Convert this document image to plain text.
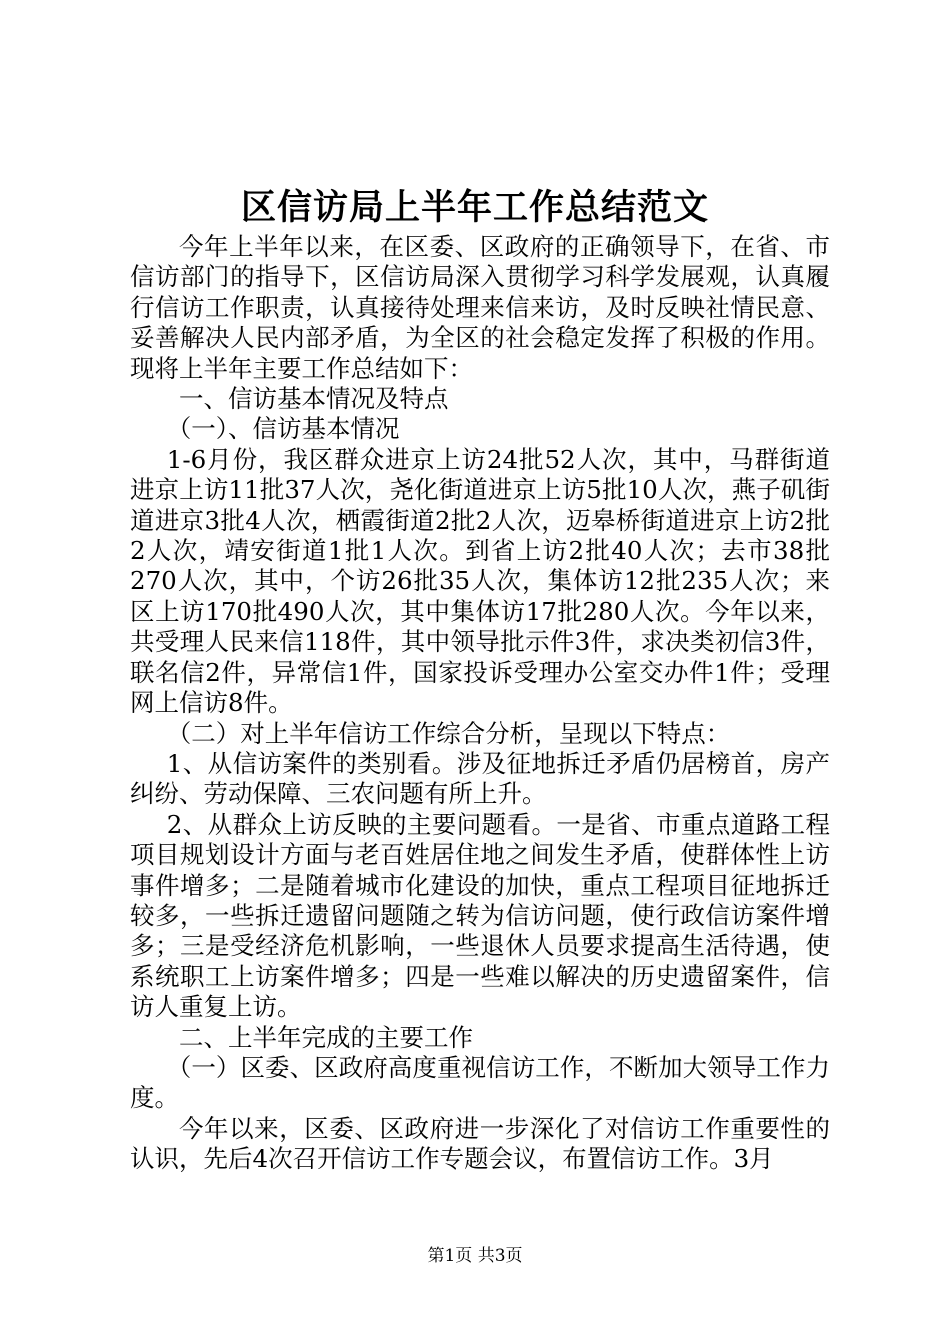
区信访局上半年工作总结范文

今年上半年以来，在区委、区政府的正确领导下，在省、市信访部门的指导下，区信访局深入贯彻学习科学发展观，认真履行信访工作职责，认真接待处理来信来访，及时反映社情民意、妥善解决人民内部矛盾，为全区的社会稳定发挥了积极的作用。现将上半年主要工作总结如下：

一、信访基本情况及特点

（一）、信访基本情况

1-6月份，我区群众进京上访24批52人次，其中，马群街道进京上访11批37人次，尧化街道进京上访5批10人次，燕子矶街道进京3批4人次，栖霞街道2批2人次，迈皋桥街道进京上访2批2人次，靖安街道1批1人次。到省上访2批40人次；去市38批270人次，其中，个访26批35人次，集体访12批235人次；来区上访170批490人次，其中集体访17批280人次。今年以来，共受理人民来信118件，其中领导批示件3件，求决类初信3件，联名信2件，异常信1件，国家投诉受理办公室交办件1件；受理网上信访8件。

（二）对上半年信访工作综合分析，呈现以下特点：

1、从信访案件的类别看。涉及征地拆迁矛盾仍居榜首，房产纠纷、劳动保障、三农问题有所上升。

2、从群众上访反映的主要问题看。一是省、市重点道路工程项目规划设计方面与老百姓居住地之间发生矛盾，使群体性上访事件增多；二是随着城市化建设的加快，重点工程项目征地拆迁较多，一些拆迁遗留问题随之转为信访问题，使行政信访案件增多；三是受经济危机影响，一些退休人员要求提高生活待遇，使系统职工上访案件增多；四是一些难以解决的历史遗留案件，信访人重复上访。

二、上半年完成的主要工作

（一）区委、区政府高度重视信访工作，不断加大领导工作力度。

今年以来，区委、区政府进一步深化了对信访工作重要性的认识，先后4次召开信访工作专题会议，布置信访工作。3月

第1页 共3页
